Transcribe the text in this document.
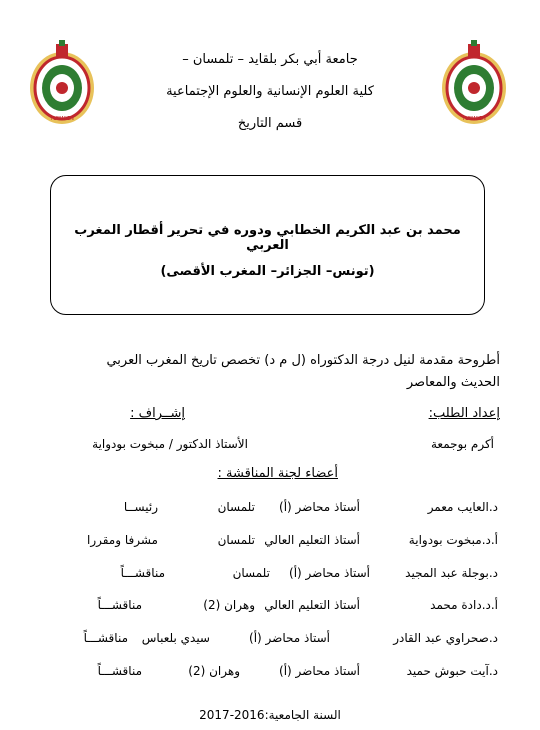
TLEMCEN	TLEMCEN
جامعة أبي بكر بلقايد – تلمسان –
كلية العلوم الإنسانية والعلوم الإجتماعية
قسم التاريخ
محمد بن عبد الكريم الخطابي ودوره في تحرير أقطار المغرب العربي
(تونس– الجزائر– المغرب الأقصى)
أطروحة مقدمة لنيل درجة الدكتوراه (ل م د) تخصص تاريخ المغرب العربي
الحديث والمعاصر
إعداد الطلب:
أكرم بوجمعة
إشــراف :
الأستاذ الدكتور / مبخوت بودواية
أعضاء لجنة المناقشة :
د.العايب معمر
أستاذ محاضر (أ)
تلمسان
رئيســا
أ.د.مبخوت بودواية
أستاذ التعليم العالي
تلمسان
مشرفا ومقررا
د.بوجلة عبد المجيد
أستاذ محاضر (أ)
تلمسان
مناقشـــاً
أ.د.دادة محمد
أستاذ التعليم العالي
وهران (2)
مناقشـــاً
د.صحراوي عبد القادر
أستاذ محاضر (أ)
سيدي بلعباس
مناقشـــاً
د.آيت حبوش حميد
أستاذ محاضر (أ)
وهران (2)
مناقشـــاً
السنة الجامعية:2016-2017
